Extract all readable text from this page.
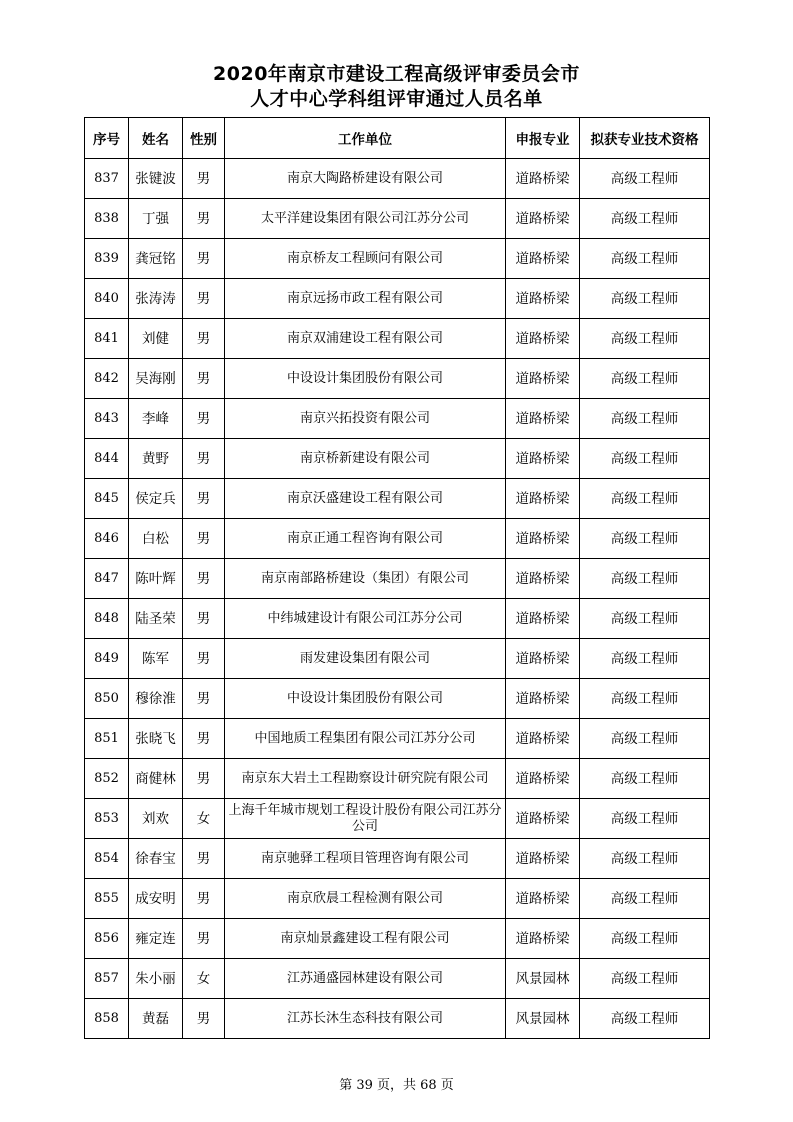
2020年南京市建设工程高级评审委员会市
人才中心学科组评审通过人员名单
序号	姓名	性别	工作单位	申报专业	拟获专业技术资格
837	张键波	男	南京大陶路桥建设有限公司	道路桥梁	高级工程师
838	丁强	男	太平洋建设集团有限公司江苏分公司	道路桥梁	高级工程师
839	龚冠铭	男	南京桥友工程顾问有限公司	道路桥梁	高级工程师
840	张涛涛	男	南京远扬市政工程有限公司	道路桥梁	高级工程师
841	刘健	男	南京双浦建设工程有限公司	道路桥梁	高级工程师
842	吴海刚	男	中设设计集团股份有限公司	道路桥梁	高级工程师
843	李峰	男	南京兴拓投资有限公司	道路桥梁	高级工程师
844	黄野	男	南京桥新建设有限公司	道路桥梁	高级工程师
845	侯定兵	男	南京沃盛建设工程有限公司	道路桥梁	高级工程师
846	白松	男	南京正通工程咨询有限公司	道路桥梁	高级工程师
847	陈叶辉	男	南京南部路桥建设（集团）有限公司	道路桥梁	高级工程师
848	陆圣荣	男	中纬城建设计有限公司江苏分公司	道路桥梁	高级工程师
849	陈军	男	雨发建设集团有限公司	道路桥梁	高级工程师
850	穆徐淮	男	中设设计集团股份有限公司	道路桥梁	高级工程师
851	张晓飞	男	中国地质工程集团有限公司江苏分公司	道路桥梁	高级工程师
852	商健林	男	南京东大岩土工程勘察设计研究院有限公司	道路桥梁	高级工程师
853	刘欢	女	上海千年城市规划工程设计股份有限公司江苏分公司	道路桥梁	高级工程师
854	徐春宝	男	南京驰驿工程项目管理咨询有限公司	道路桥梁	高级工程师
855	成安明	男	南京欣晨工程检测有限公司	道路桥梁	高级工程师
856	雍定连	男	南京灿景鑫建设工程有限公司	道路桥梁	高级工程师
857	朱小丽	女	江苏通盛园林建设有限公司	风景园林	高级工程师
858	黄磊	男	江苏长沐生态科技有限公司	风景园林	高级工程师
第 39 页，共 68 页
